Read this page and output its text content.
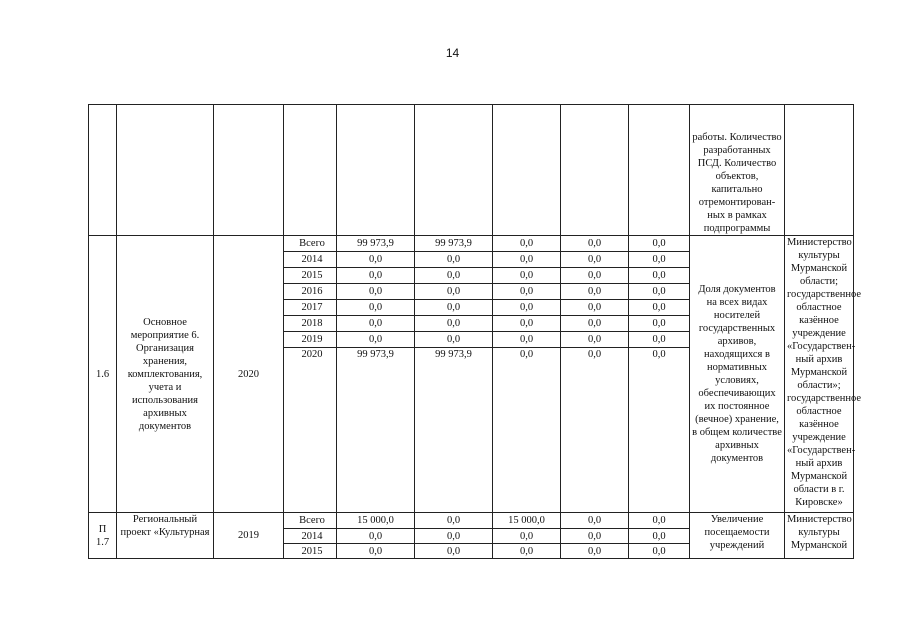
14
									работы. Количество разработанных ПСД. Количество объектов, капитально отремонтирован-ных в рамках подпрограммы	
1.6	Основное мероприятие 6. Организация хранения, комплектования, учета и использования архивных документов	2020	Всего	99 973,9	99 973,9	0,0	0,0	0,0	Доля документов на всех видах носителей государственных архивов, находящихся в нормативных условиях, обеспечивающих их постоянное (вечное) хранение, в общем количестве архивных документов	Министерство культуры Мурманской области; государственное областное казённое учреждение «Государствен-ный архив Мурманской области»; государственное областное казённое учреждение «Государствен-ный архив Мурманской области в г. Кировске»
			2014	0,0	0,0	0,0	0,0	0,0		
			2015	0,0	0,0	0,0	0,0	0,0		
			2016	0,0	0,0	0,0	0,0	0,0		
			2017	0,0	0,0	0,0	0,0	0,0		
			2018	0,0	0,0	0,0	0,0	0,0		
			2019	0,0	0,0	0,0	0,0	0,0		
			2020	99 973,9	99 973,9	0,0	0,0	0,0		
П 1.7	Региональный проект «Культурная	2019	Всего	15 000,0	0,0	15 000,0	0,0	0,0	Увеличение посещаемости учреждений	Министерство культуры Мурманской
			2014	0,0	0,0	0,0	0,0	0,0		
			2015	0,0	0,0	0,0	0,0	0,0		
